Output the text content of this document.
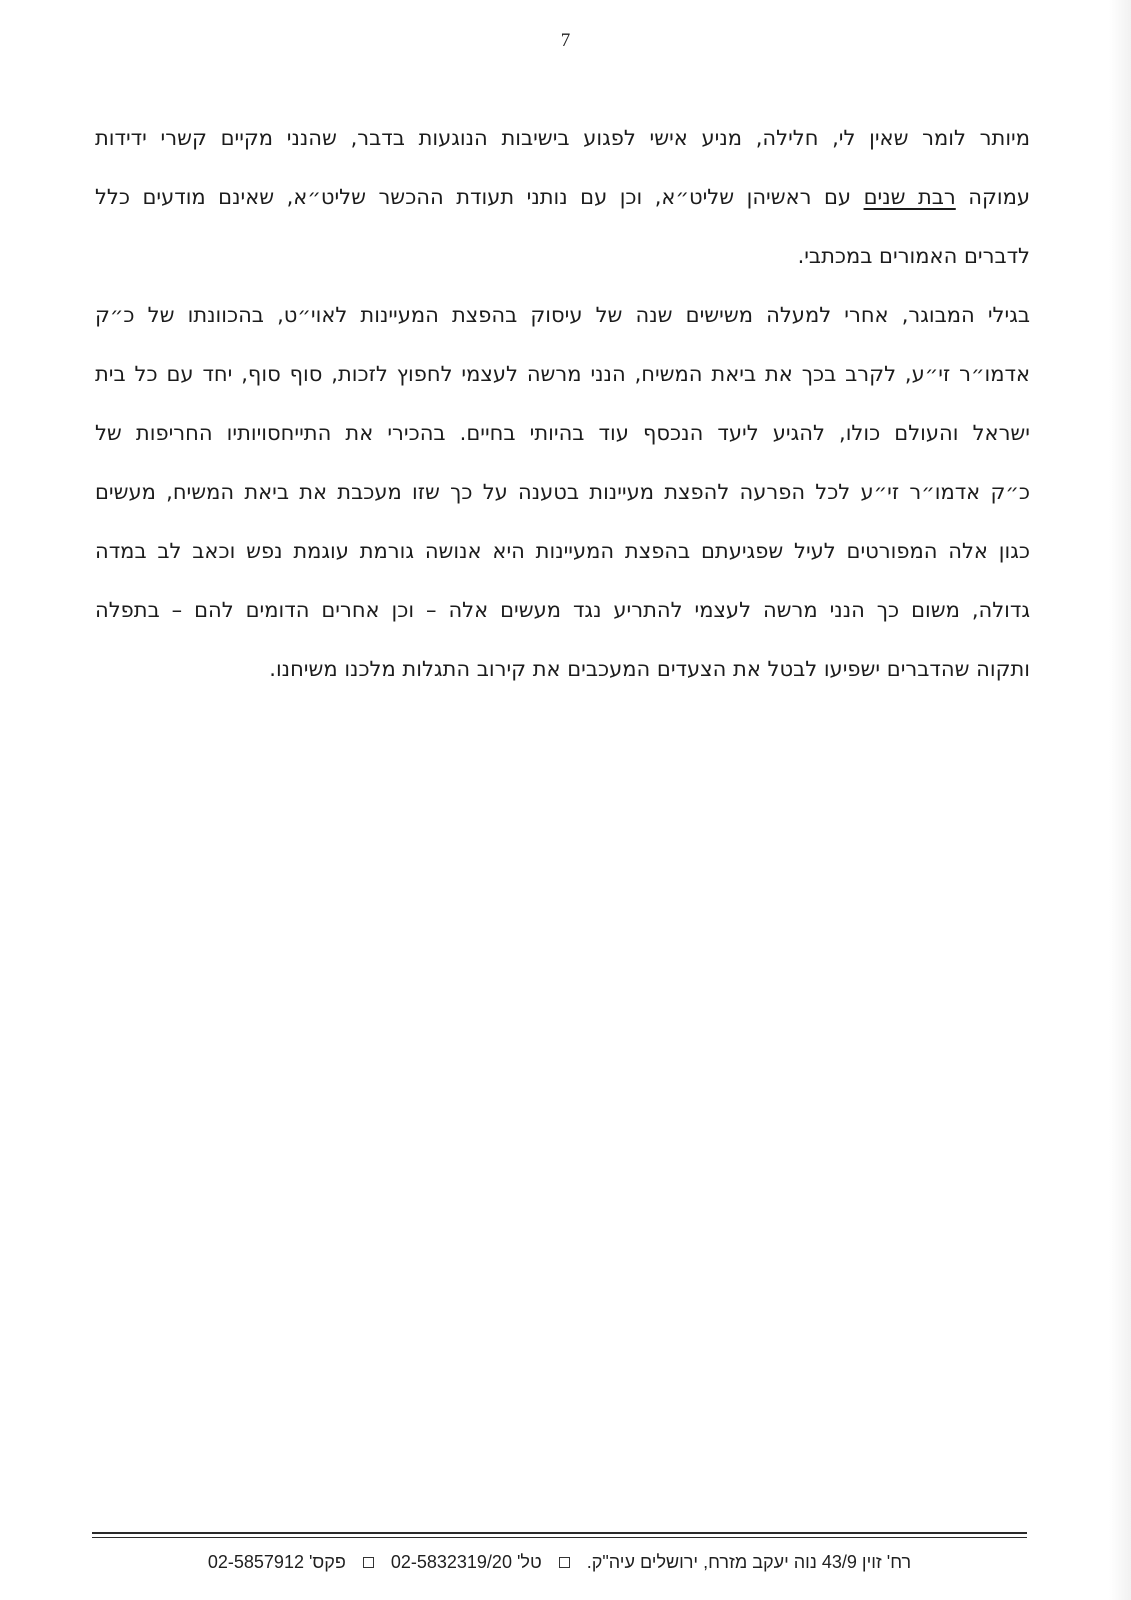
7
מיותר לומר שאין לי, חלילה, מניע אישי לפגוע בישיבות הנוגעות בדבר, שהנני מקיים קשרי ידידות
עמוקה רבת שנים עם ראשיהן שליט״א, וכן עם נותני תעודת ההכשר שליט״א, שאינם מודעים כלל
לדברים האמורים במכתבי.
בגילי המבוגר, אחרי למעלה משישים שנה של עיסוק בהפצת המעיינות לאוי״ט, בהכוונתו של כ״ק
אדמו״ר זי״ע, לקרב בכך את ביאת המשיח, הנני מרשה לעצמי לחפוץ לזכות, סוף סוף, יחד עם כל בית
ישראל והעולם כולו, להגיע ליעד הנכסף עוד בהיותי בחיים. בהכירי את התייחסויותיו החריפות של
כ״ק אדמו״ר זי״ע לכל הפרעה להפצת מעיינות בטענה על כך שזו מעכבת את ביאת המשיח, מעשים
כגון אלה המפורטים לעיל שפגיעתם בהפצת המעיינות היא אנושה גורמת עוגמת נפש וכאב לב במדה
גדולה, משום כך הנני מרשה לעצמי להתריע נגד מעשים אלה – וכן אחרים הדומים להם – בתפלה
ותקוה שהדברים ישפיעו לבטל את הצעדים המעכבים את קירוב התגלות מלכנו משיחנו.
רח' זוין 43/9 נוה יעקב מזרח, ירושלים עיה"ק.  טל' 02-5832319/20  פקס' 02-5857912
